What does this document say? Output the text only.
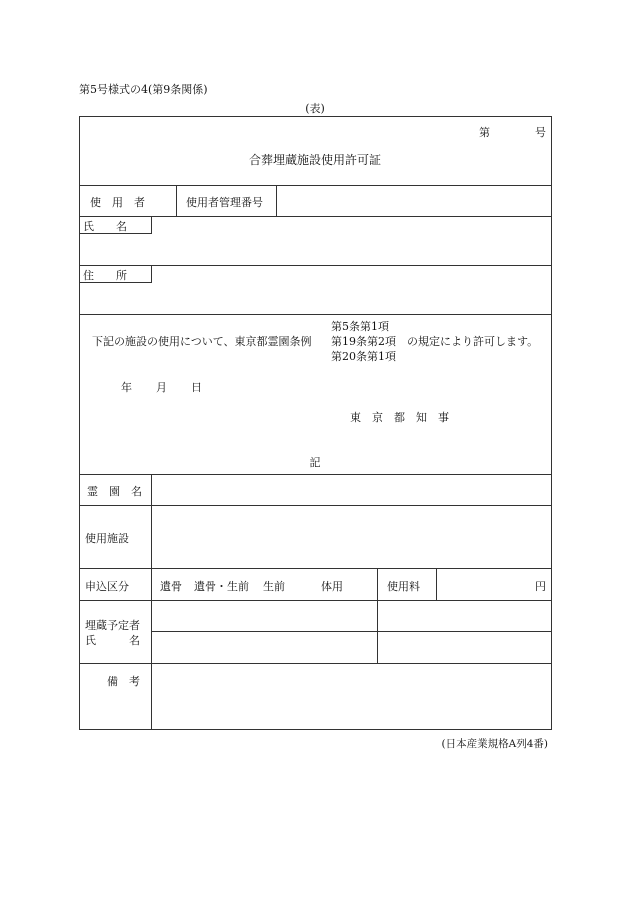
第5号様式の4(第9条関係)
(表)
第	号
合葬埋蔵施設使用許可証
使　用　者	使用者管理番号
氏　　名
住　　所
第5条第1項
下記の施設の使用について、東京都霊園条例 第19条第2項 の規定により許可します。
第20条第1項
年 月 日
東　京　都　知　事
記
霊　園　名
使用施設
申込区分	遺骨 遺骨・生前 生前	体用	使用料	円
埋蔵予定者
氏　　　名
備　考
(日本産業規格A列4番)
